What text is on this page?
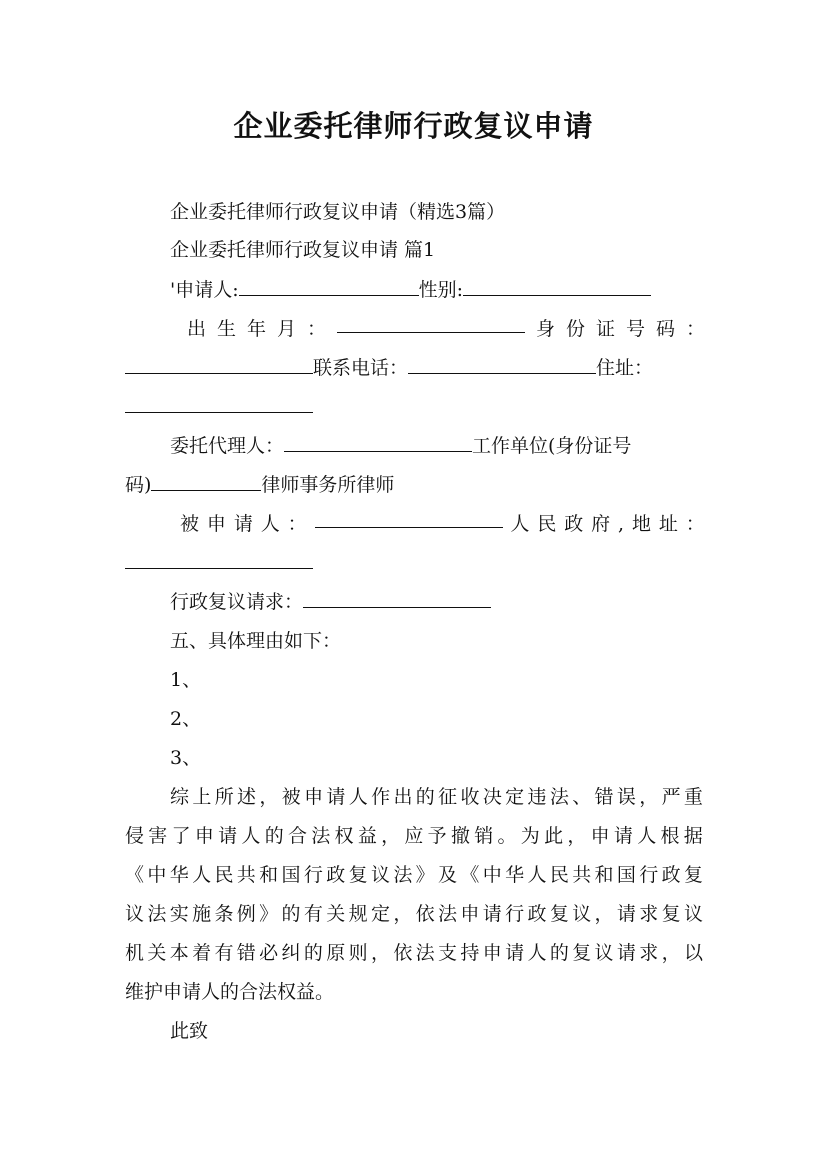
企业委托律师行政复议申请
企业委托律师行政复议申请（精选3篇）
企业委托律师行政复议申请 篇1
'申请人:	性别:
出 生 年 月 ：	身 份 证 号 码 ：
联系电话：	住址：
委托代理人：	工作单位(身份证号
码)	律师事务所律师
被 申 请 人 ：	人 民 政 府 , 地 址 ：
行政复议请求：
五、具体理由如下：
1、
2、
3、
综 上 所 述 ， 被 申 请 人 作 出 的 征 收 决 定 违 法 、 错 误 ， 严 重
侵 害 了 申 请 人 的 合 法 权 益 ， 应 予 撤 销 。 为 此 ， 申 请 人 根 据
《 中 华 人 民 共 和 国 行 政 复 议 法 》 及 《 中 华 人 民 共 和 国 行 政 复
议 法 实 施 条 例 》 的 有 关 规 定 ， 依 法 申 请 行 政 复 议 ， 请 求 复 议
机 关 本 着 有 错 必 纠 的 原 则 ， 依 法 支 持 申 请 人 的 复 议 请 求 ， 以
维护申请人的合法权益。
此致
